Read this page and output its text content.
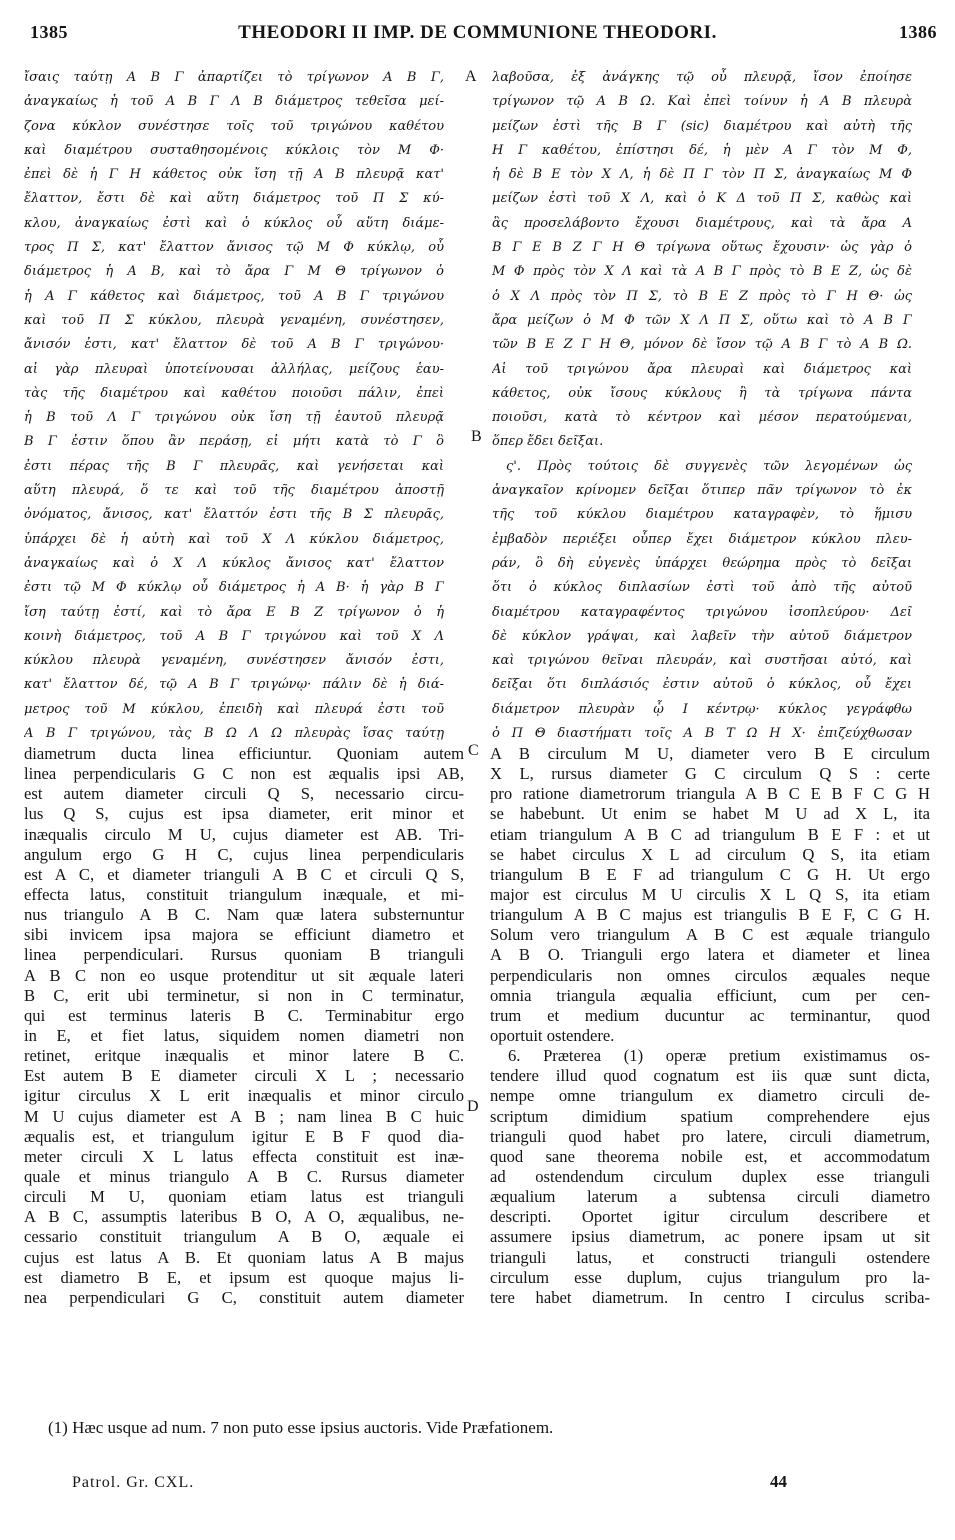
1385	THEODORI II IMP. DE COMMUNIONE THEODORI.	1386
ἴσαις ταύτῃ Α Β Γ ἀπαρτίζει τὸ τρίγωνον Α Β Γ,
ἀναγκαίως ἡ τοῦ Α Β Γ Λ Β διάμετρος τεθεῖσα μεί-
ζονα κύκλον συνέστησε τοῖς τοῦ τριγώνου καθέτου
καὶ διαμέτρου συσταθησομένοις κύκλοις τὸν Μ Φ·
ἐπεὶ δὲ ἡ Γ Η κάθετος οὐκ ἴση τῇ Α Β πλευρᾷ κατ'
ἔλαττον, ἔστι δὲ καὶ αὕτη διάμετρος τοῦ Π Σ κύ-
κλου, ἀναγκαίως ἐστὶ καὶ ὁ κύκλος οὗ αὕτη διάμε-
τρος Π Σ, κατ' ἔλαττον ἄνισος τῷ Μ Φ κύκλῳ, οὗ
διάμετρος ἡ Α Β, καὶ τὸ ἄρα Γ Μ Θ τρίγωνον ὁ
ἡ Α Γ κάθετος καὶ διάμετρος, τοῦ Α Β Γ τριγώνου
καὶ τοῦ Π Σ κύκλου, πλευρὰ γεναμένη, συνέστησεν,
ἄνισόν ἐστι, κατ' ἔλαττον δὲ τοῦ Α Β Γ τριγώνου·
αἱ γὰρ πλευραὶ ὑποτείνουσαι ἀλλήλας, μείζους ἑαυ-
τὰς τῆς διαμέτρου καὶ καθέτου ποιοῦσι πάλιν, ἐπεὶ
ἡ Β τοῦ Λ Γ τριγώνου οὐκ ἴση τῇ ἑαυτοῦ πλευρᾷ
Β Γ ἐστιν ὅπου ἂν περάσῃ, εἰ μήτι κατὰ τὸ Γ ὃ
ἐστι πέρας τῆς Β Γ πλευρᾶς, καὶ γενήσεται καὶ
αὕτη πλευρά, ὅ τε καὶ τοῦ τῆς διαμέτρου ἀποστῇ
ὀνόματος, ἄνισος, κατ' ἔλαττόν ἐστι τῆς Β Σ πλευρᾶς,
ὑπάρχει δὲ ἡ αὐτὴ καὶ τοῦ Χ Λ κύκλου διάμετρος,
ἀναγκαίως καὶ ὁ Χ Λ κύκλος ἄνισος κατ' ἔλαττον
ἐστι τῷ Μ Φ κύκλῳ οὗ διάμετρος ἡ Α Β· ἡ γὰρ Β Γ
ἴση ταύτῃ ἐστί, καὶ τὸ ἄρα Ε Β Ζ τρίγωνον ὁ ἡ
κοινὴ διάμετρος, τοῦ Α Β Γ τριγώνου καὶ τοῦ Χ Λ
κύκλου πλευρὰ γεναμένη, συνέστησεν ἄνισόν ἐστι,
κατ' ἔλαττον δέ, τῷ Α Β Γ τριγώνῳ· πάλιν δὲ ἡ διά-
μετρος τοῦ Μ κύκλου, ἐπειδὴ καὶ πλευρά ἐστι τοῦ
Α Β Γ τριγώνου, τὰς Β Ω Λ Ω πλευρὰς ἴσας ταύτῃ
λαβοῦσα, ἐξ ἀνάγκης τῷ οὖ πλευρᾷ, ἴσον ἐποίησε
τρίγωνον τῷ Α Β Ω. Καὶ ἐπεὶ τοίνυν ἡ Α Β πλευρὰ
μείζων ἐστὶ τῆς Β Γ (sic) διαμέτρου καὶ αὐτὴ τῆς
Η Γ καθέτου, ἐπίστησι δέ, ἡ μὲν Α Γ τὸν Μ Φ,
ἡ δὲ Β Ε τὸν Χ Λ, ἡ δὲ Π Γ τὸν Π Σ, ἀναγκαίως Μ Φ
μείζων ἐστὶ τοῦ Χ Λ, καὶ ὁ Κ Δ τοῦ Π Σ, καθὼς καὶ
ἃς προσελάβοντο ἔχουσι διαμέτρους, καὶ τὰ ἄρα Α
Β Γ Ε Β Ζ Γ Η Θ τρίγωνα οὕτως ἔχουσιν· ὡς γὰρ ὁ
Μ Φ πρὸς τὸν Χ Λ καὶ τὰ Α Β Γ πρὸς τὸ Β Ε Ζ, ὡς δὲ
ὁ Χ Λ πρὸς τὸν Π Σ, τὸ Β Ε Ζ πρὸς τὸ Γ Η Θ· ὡς
ἄρα μείζων ὁ Μ Φ τῶν Χ Λ Π Σ, οὕτω καὶ τὸ Α Β Γ
τῶν Β Ε Ζ Γ Η Θ, μόνον δὲ ἴσον τῷ Α Β Γ τὸ Α Β Ω.
Αἱ τοῦ τριγώνου ἄρα πλευραὶ καὶ διάμετρος καὶ
κάθετος, οὐκ ἴσους κύκλους ἢ τὰ τρίγωνα πάντα
ποιοῦσι, κατὰ τὸ κέντρον καὶ μέσον περατούμεναι,
ὅπερ ἔδει δεῖξαι.
ς'. Πρὸς τούτοις δὲ συγγενὲς τῶν λεγομένων ὡς
ἀναγκαῖον κρίνομεν δεῖξαι ὅτιπερ πᾶν τρίγωνον τὸ ἐκ
τῆς τοῦ κύκλου διαμέτρου καταγραφὲν, τὸ ἥμισυ
ἐμβαδὸν περιέξει οὗπερ ἔχει διάμετρον κύκλου πλευ-
ράν, ὃ δὴ εὐγενὲς ὑπάρχει θεώρημα πρὸς τὸ δεῖξαι
ὅτι ὁ κύκλος διπλασίων ἐστὶ τοῦ ἀπὸ τῆς αὐτοῦ
διαμέτρου καταγραφέντος τριγώνου ἰσοπλεύρου· Δεῖ
δὲ κύκλον γράψαι, καὶ λαβεῖν τὴν αὐτοῦ διάμετρον
καὶ τριγώνου θεῖναι πλευράν, καὶ συστῆσαι αὐτό, καὶ
δεῖξαι ὅτι διπλάσιός ἐστιν αὐτοῦ ὁ κύκλος, οὗ ἔχει
διάμετρον πλευρὰν ᾧ Ι κέντρῳ· κύκλος γεγράφθω
ὁ Π Θ διαστήματι τοῖς Α Β Τ Ω Η Χ· ἐπιζεύχθωσαν
A
B
C
D
diametrum ducta linea efficiuntur. Quoniam autem
linea perpendicularis G C non est æqualis ipsi AB,
est autem diameter circuli Q S, necessario circu-
lus Q S, cujus est ipsa diameter, erit minor et
inæqualis circulo M U, cujus diameter est AB. Tri-
angulum ergo G H C, cujus linea perpendicularis
est A C, et diameter trianguli A B C et circuli Q S,
effecta latus, constituit triangulum inæquale, et mi-
nus triangulo A B C. Nam quæ latera substernuntur
sibi invicem ipsa majora se efficiunt diametro et
linea perpendiculari. Rursus quoniam B trianguli
A B C non eo usque protenditur ut sit æquale lateri
B C, erit ubi terminetur, si non in C terminatur,
qui est terminus lateris B C. Terminabitur ergo
in E, et fiet latus, siquidem nomen diametri non
retinet, eritque inæqualis et minor latere B C.
Est autem B E diameter circuli X L ; necessario
igitur circulus X L erit inæqualis et minor circulo
M U cujus diameter est A B ; nam linea B C huic
æqualis est, et triangulum igitur E B F quod dia-
meter circuli X L latus effecta constituit est inæ-
quale et minus triangulo A B C. Rursus diameter
circuli M U, quoniam etiam latus est trianguli
A B C, assumptis lateribus B O, A O, æqualibus, ne-
cessario constituit triangulum A B O, æquale ei
cujus est latus A B. Et quoniam latus A B majus
est diametro B E, et ipsum est quoque majus li-
nea perpendiculari G C, constituit autem diameter
A B circulum M U, diameter vero B E circulum
X L, rursus diameter G C circulum Q S : certe
pro ratione diametrorum triangula A B C E B F C G H
se habebunt. Ut enim se habet M U ad X L, ita
etiam triangulum A B C ad triangulum B E F : et ut
se habet circulus X L ad circulum Q S, ita etiam
triangulum B E F ad triangulum C G H. Ut ergo
major est circulus M U circulis X L Q S, ita etiam
triangulum A B C majus est triangulis B E F, C G H.
Solum vero triangulum A B C est æquale triangulo
A B O. Trianguli ergo latera et diameter et linea
perpendicularis non omnes circulos æquales neque
omnia triangula æqualia efficiunt, cum per cen-
trum et medium ducuntur ac terminantur, quod
oportuit ostendere.
6. Præterea (1) operæ pretium existimamus os-
tendere illud quod cognatum est iis quæ sunt dicta,
nempe omne triangulum ex diametro circuli de-
scriptum dimidium spatium comprehendere ejus
trianguli quod habet pro latere, circuli diametrum,
quod sane theorema nobile est, et accommodatum
ad ostendendum circulum duplex esse trianguli
æqualium laterum a subtensa circuli diametro
descripti. Oportet igitur circulum describere et
assumere ipsius diametrum, ac ponere ipsam ut sit
trianguli latus, et constructi trianguli ostendere
circulum esse duplum, cujus triangulum pro la-
tere habet diametrum. In centro I circulus scriba-
(1) Hæc usque ad num. 7 non puto esse ipsius auctoris. Vide Præfationem.
Patrol. Gr. CXL.	44
